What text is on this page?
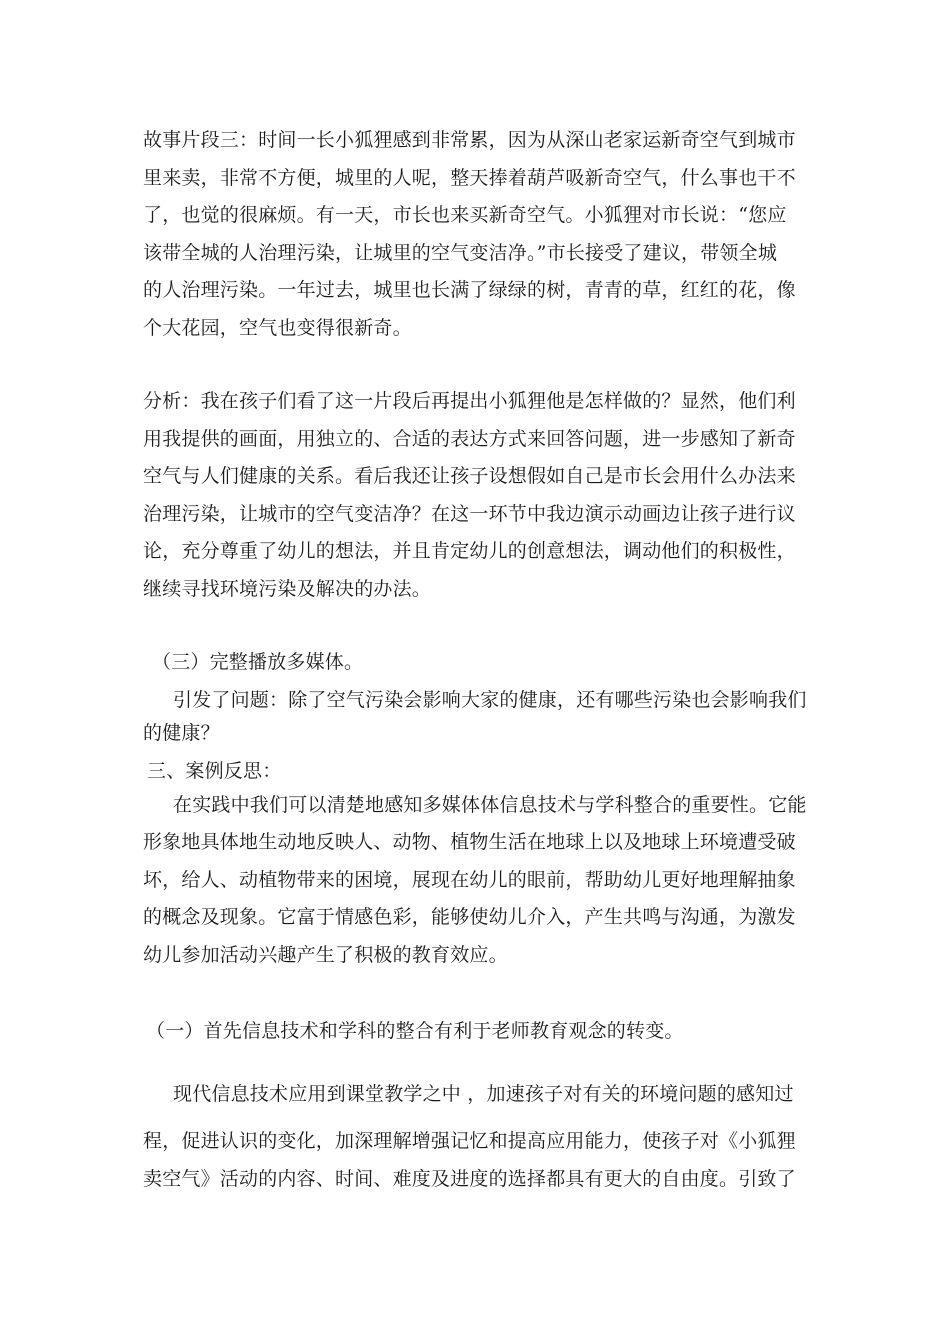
故事片段三：时间一长小狐狸感到非常累，因为从深山老家运新奇空气到城市
里来卖，非常不方便，城里的人呢，整天捧着葫芦吸新奇空气，什么事也干不
了，也觉的很麻烦。有一天，市长也来买新奇空气。小狐狸对市长说：“您应
该带全城的人治理污染，让城里的空气变洁净。”市长接受了建议，带领全城
的人治理污染。一年过去，城里也长满了绿绿的树，青青的草，红红的花，像
个大花园，空气也变得很新奇。
分析：我在孩子们看了这一片段后再提出小狐狸他是怎样做的？显然，他们利
用我提供的画面，用独立的、合适的表达方式来回答问题，进一步感知了新奇
空气与人们健康的关系。看后我还让孩子设想假如自己是市长会用什么办法来
治理污染，让城市的空气变洁净？在这一环节中我边演示动画边让孩子进行议
论，充分尊重了幼儿的想法，并且肯定幼儿的创意想法，调动他们的积极性，
继续寻找环境污染及解决的办法。
（三）完整播放多媒体。
引发了问题：除了空气污染会影响大家的健康，还有哪些污染也会影响我们
的健康？
三、案例反思：
在实践中我们可以清楚地感知多媒体体信息技术与学科整合的重要性。它能
形象地具体地生动地反映人、动物、植物生活在地球上以及地球上环境遭受破
坏，给人、动植物带来的困境，展现在幼儿的眼前，帮助幼儿更好地理解抽象
的概念及现象。它富于情感色彩，能够使幼儿介入，产生共鸣与沟通，为激发
幼儿参加活动兴趣产生了积极的教育效应。
（一）首先信息技术和学科的整合有利于老师教育观念的转变。
现代信息技术应用到课堂教学之中 ，加速孩子对有关的环境问题的感知过
程，促进认识的变化，加深理解增强记忆和提高应用能力，使孩子对《小狐狸
卖空气》活动的内容、时间、难度及进度的选择都具有更大的自由度。引致了
